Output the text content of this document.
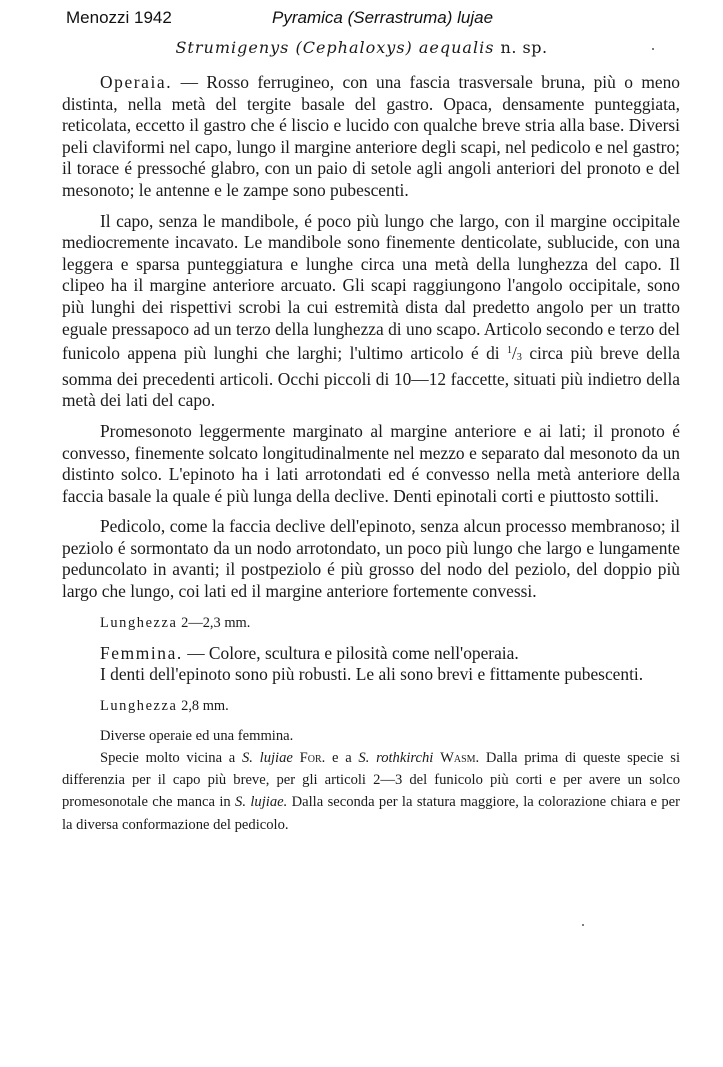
Menozzi 1942	Pyramica (Serrastruma) lujae
Strumigenys (Cephaloxys) aequalis n. sp.

Operaia. — Rosso ferrugineo, con una fascia trasversale bruna, più o meno distinta, nella metà del tergite basale del gastro. Opaca, densamente punteggiata, reticolata, eccetto il gastro che é liscio e lucido con qualche breve stria alla base. Diversi peli claviformi nel capo, lungo il margine anteriore degli scapi, nel pedicolo e nel gastro; il torace é pressoché glabro, con un paio di setole agli angoli anteriori del pronoto e del mesonoto; le antenne e le zampe sono pubescenti.

Il capo, senza le mandibole, é poco più lungo che largo, con il margine occipitale mediocremente incavato. Le mandibole sono finemente denticolate, sublucide, con una leggera e sparsa punteggiatura e lunghe circa una metà della lunghezza del capo. Il clipeo ha il margine anteriore arcuato. Gli scapi raggiungono l'angolo occipitale, sono più lunghi dei rispettivi scrobi la cui estremità dista dal predetto angolo per un tratto eguale pressapoco ad un terzo della lunghezza di uno scapo. Articolo secondo e terzo del funicolo appena più lunghi che larghi; l'ultimo articolo é di $^1/_3$ circa più breve della somma dei precedenti articoli. Occhi piccoli di 10—12 faccette, situati più indietro della metà dei lati del capo.

Promesonoto leggermente marginato al margine anteriore e ai lati; il pronoto é convesso, finemente solcato longitudinalmente nel mezzo e separato dal mesonoto da un distinto solco. L'epinoto ha i lati arrotondati ed é convesso nella metà anteriore della faccia basale la quale é più lunga della declive. Denti epinotali corti e piuttosto sottili.

Pedicolo, come la faccia declive dell'epinoto, senza alcun processo membranoso; il peziolo é sormontato da un nodo arrotondato, un poco più lungo che largo e lungamente peduncolato in avanti; il postpeziolo é più grosso del nodo del peziolo, del doppio più largo che lungo, coi lati ed il margine anteriore fortemente convessi.

Lunghezza 2—2,3 mm.

Femmina. — Colore, scultura e pilosità come nell'operaia.

I denti dell'epinoto sono più robusti. Le ali sono brevi e fittamente pubescenti.

Lunghezza 2,8 mm.

Diverse operaie ed una femmina.

Specie molto vicina a S. lujiae For. e a S. rothkirchi Wasm. Dalla prima di queste specie si differenzia per il capo più breve, per gli articoli 2—3 del funicolo più corti e per avere un solco promesonotale che manca in S. lujiae. Dalla seconda per la statura maggiore, la colorazione chiara e per la diversa conformazione del pedicolo.
